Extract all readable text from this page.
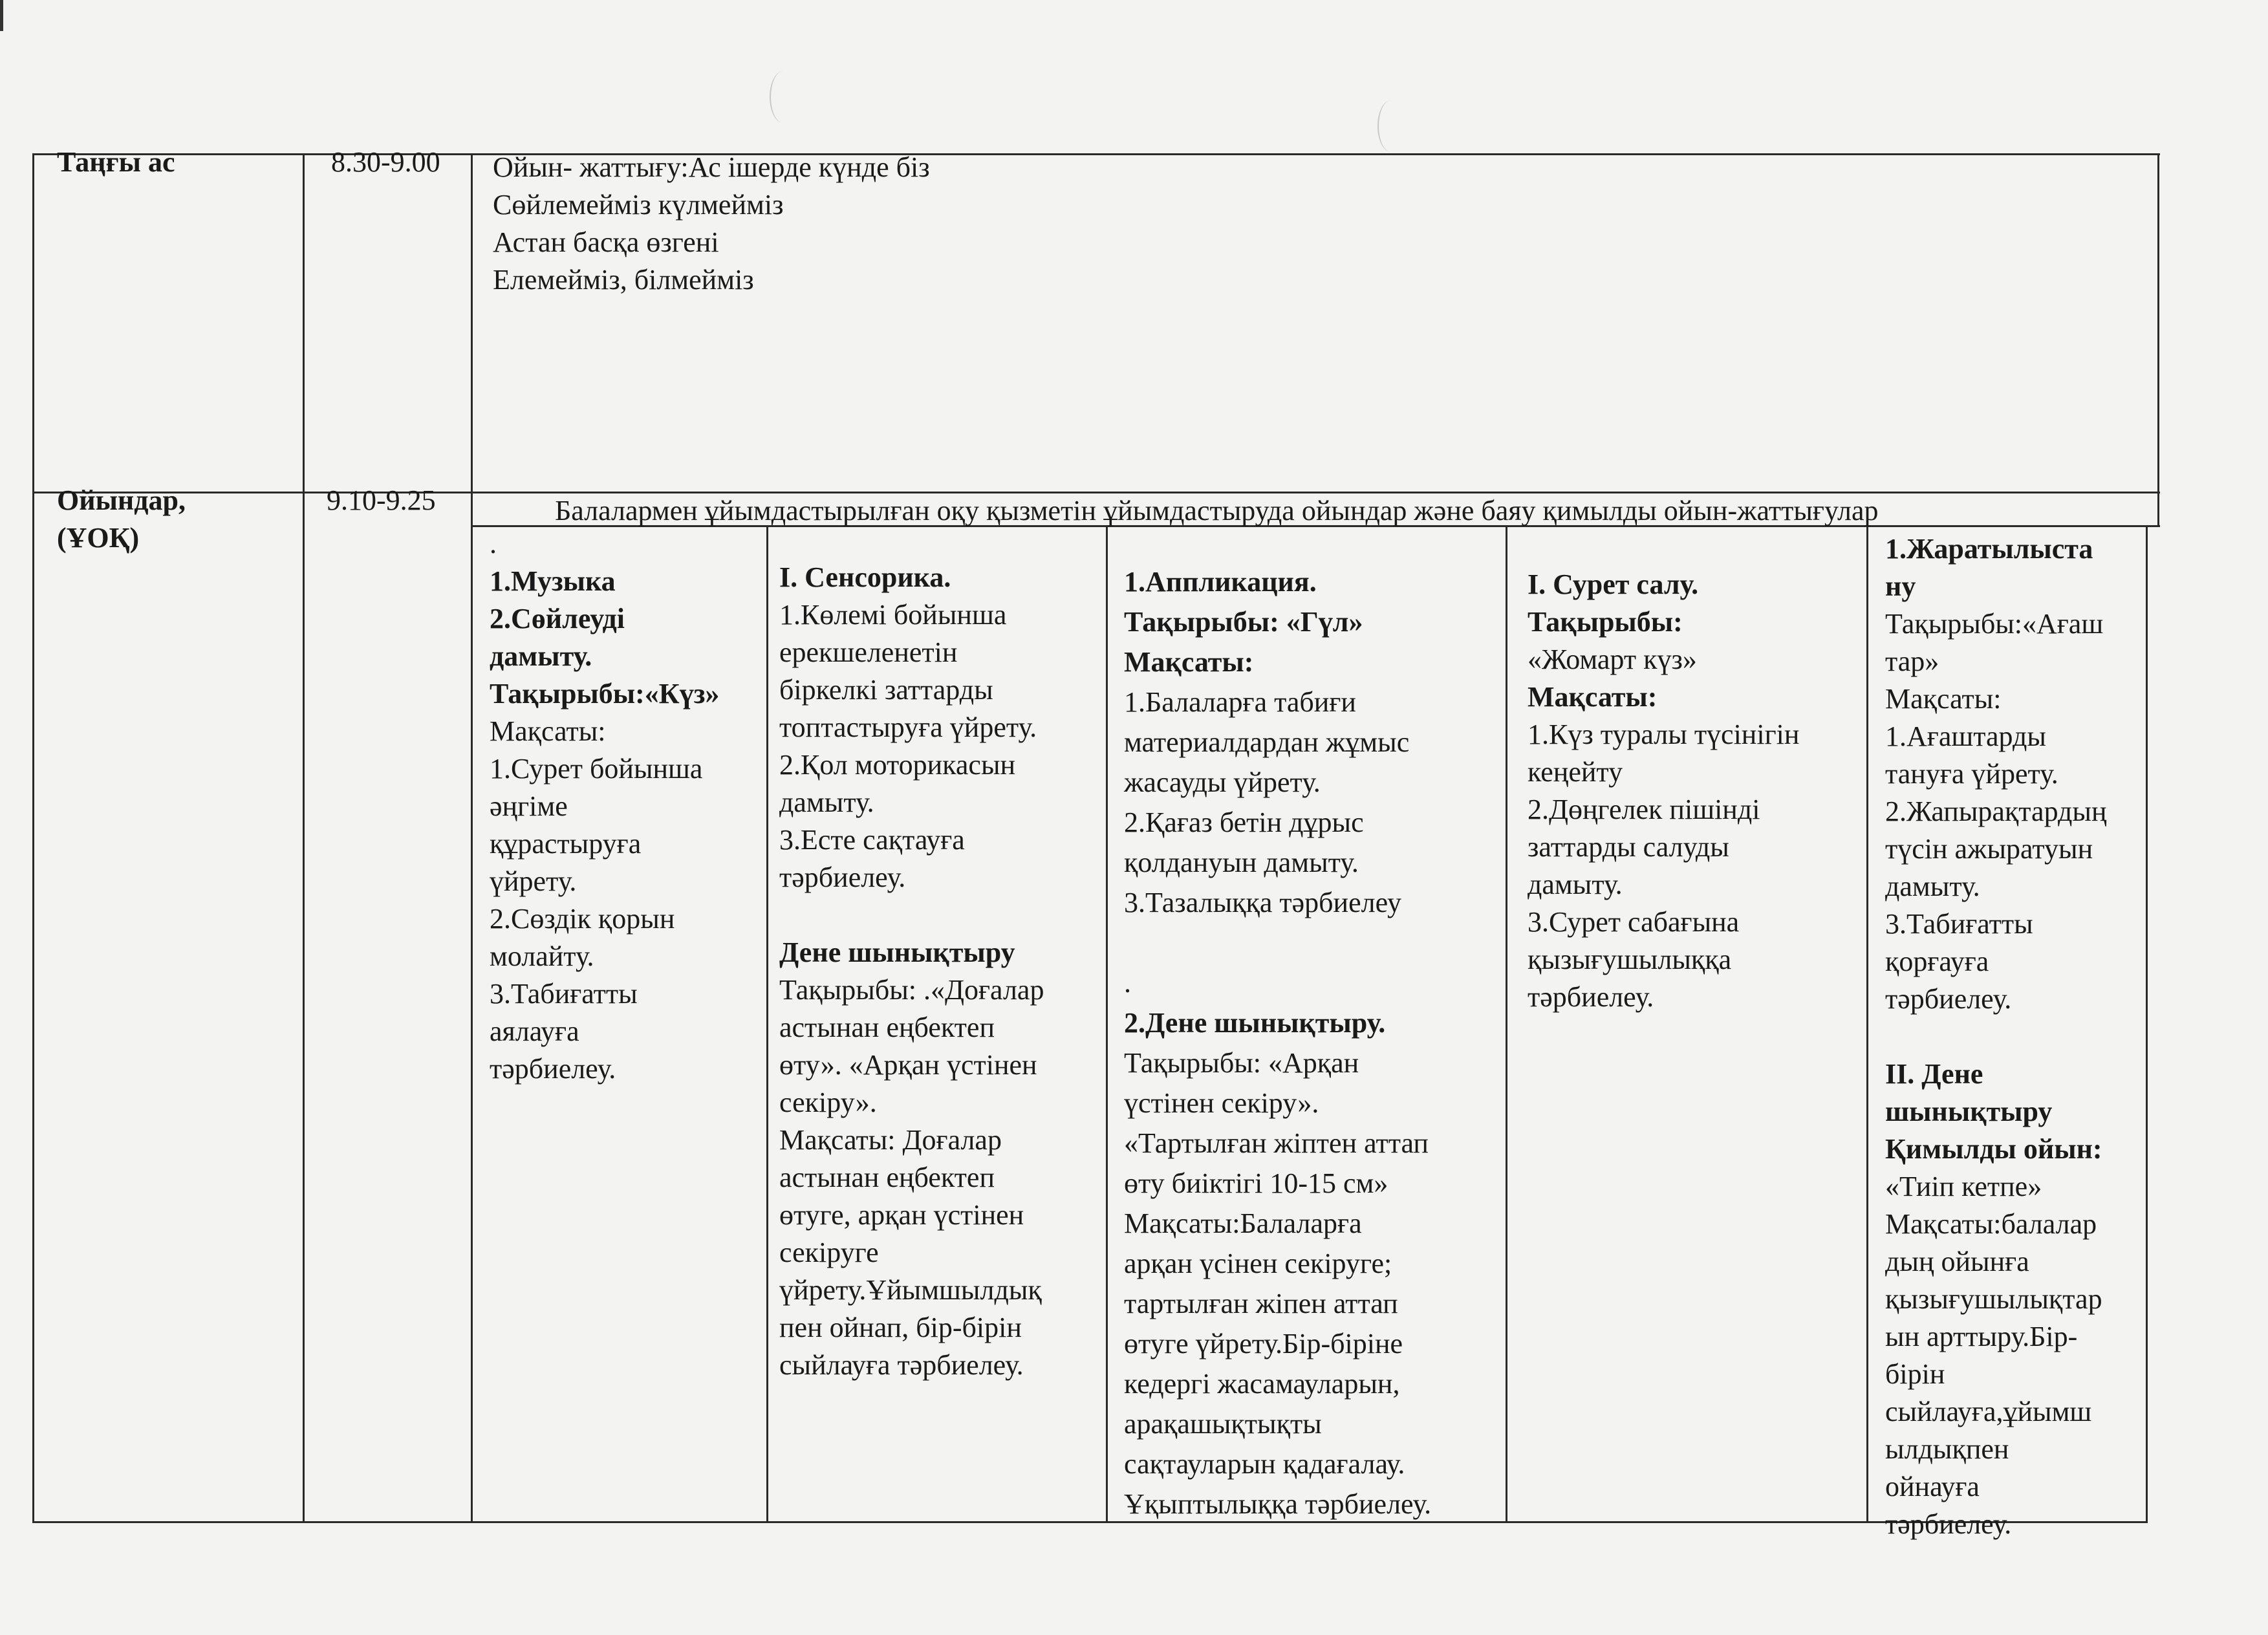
Таңғы ас	8.30-9.00 Ойын- жаттығу:Ас ішерде күнде біз
Сөйлемейміз күлмейміз
Астан басқа өзгені
Елемейміз, білмейміз
Ойындар,
(ҰОҚ)
9.10-9.25	Балалармен ұйымдастырылған оқу қызметін ұйымдастыруда ойындар және баяу қимылды ойын-жаттығулар
.
1.Музыка
2.Сөйлеуді
дамыту.
Тақырыбы:«Күз»
Мақсаты:
1.Сурет бойынша
әңгіме
құрастыруға
үйрету.
2.Сөздік қорын
молайту.
3.Табиғатты
аялауға
тәрбиелеу.
І. Сенсорика.
1.Көлемі бойынша
ерекшеленетін
біркелкі заттарды
топтастыруға үйрету.
2.Қол моторикасын
дамыту.
3.Есте сақтауға
тәрбиелеу.

Дене шынықтыру
Тақырыбы: .«Доғалар
астынан еңбектеп
өту». «Арқан үстінен
секіру».
Мақсаты: Доғалар
астынан еңбектеп
өтуге, арқан үстінен
секіруге
үйрету.Ұйымшылдық
пен ойнап, бір-бірін
сыйлауға тәрбиелеу.
1.Аппликация.
Тақырыбы: «Гүл»
Мақсаты:
1.Балаларға табиғи
материалдардан жұмыс
жасауды үйрету.
2.Қағаз бетін дұрыс
қолдануын дамыту.
3.Тазалыққа тәрбиелеу

.
2.Дене шынықтыру.
Тақырыбы: «Арқан
үстінен секіру».
«Тартылған жіптен аттап
өту биіктігі 10-15 см»
Мақсаты:Балаларға
арқан үсінен секіруге;
тартылған жіпен аттап
өтуге үйрету.Бір-біріне
кедергі жасамауларын,
арақашықтықты
сақтауларын қадағалау.
Ұқыптылыққа тәрбиелеу.
І. Сурет салу.
Тақырыбы:
«Жомарт күз»
Мақсаты:
1.Күз туралы түсінігін
кеңейту
2.Дөңгелек пішінді
заттарды салуды
дамыту.
3.Сурет сабағына
қызығушылыққа
тәрбиелеу.
1.Жаратылыста
ну
Тақырыбы:«Ағаш
тар»
Мақсаты:
1.Ағаштарды
тануға үйрету.
2.Жапырақтардың
түсін ажыратуын
дамыту.
3.Табиғатты
қорғауға
тәрбиелеу.

ІІ. Дене
шынықтыру
Қимылды ойын:
«Тиіп кетпе»
Мақсаты:балалар
дың ойынға
қызығушылықтар
ын арттыру.Бір-
бірін
сыйлауға,ұйымш
ылдықпен
ойнауға
тәрбиелеу.
